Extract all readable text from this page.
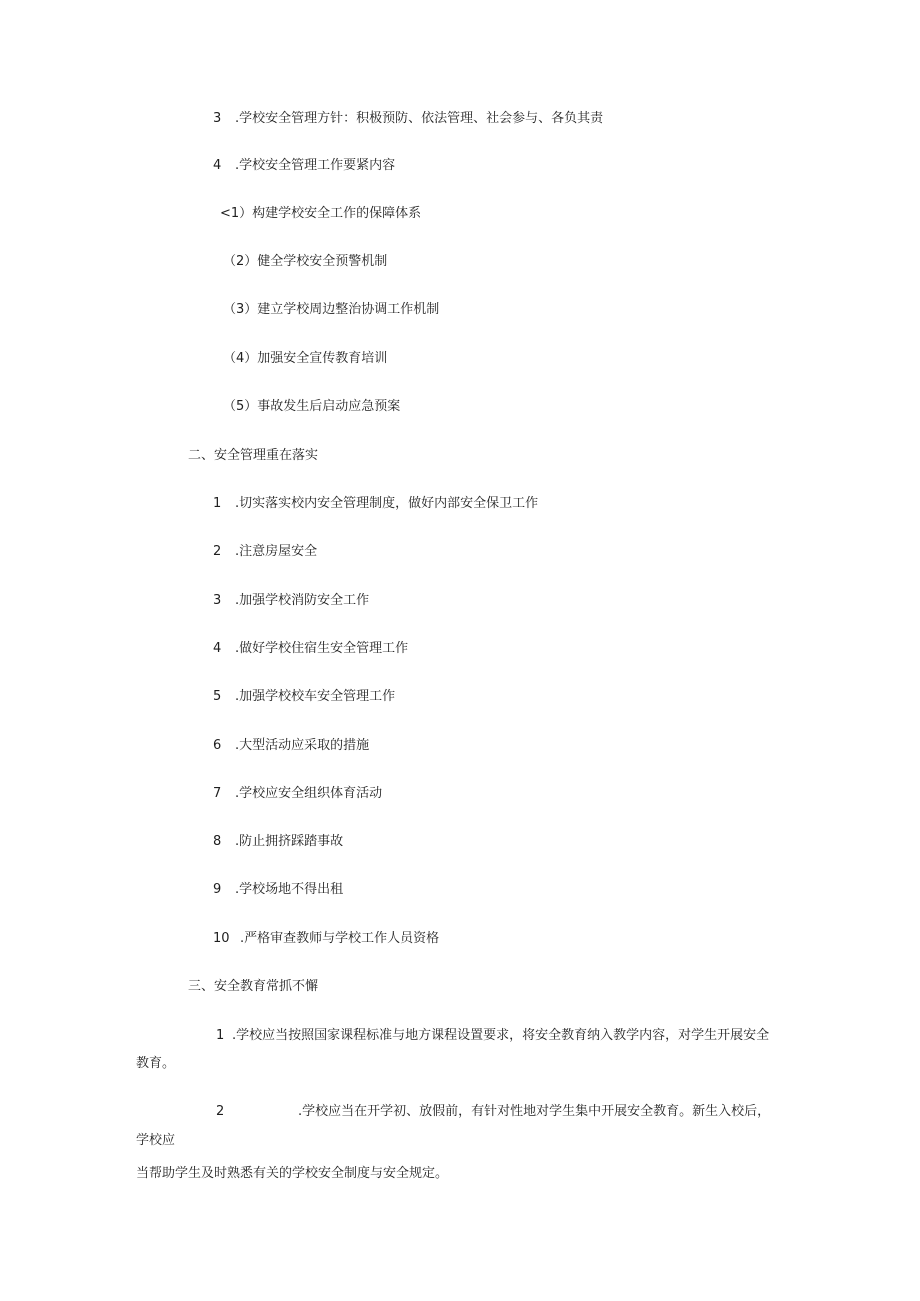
3 .学校安全管理方针：积极预防、依法管理、社会参与、各负其责
4 .学校安全管理工作要紧内容
<1）构建学校安全工作的保障体系
（2）健全学校安全预警机制
（3）建立学校周边整治协调工作机制
（4）加强安全宣传教育培训
（5）事故发生后启动应急预案
二、安全管理重在落实
1 .切实落实校内安全管理制度，做好内部安全保卫工作
2 .注意房屋安全
3 .加强学校消防安全工作
4 .做好学校住宿生安全管理工作
5 .加强学校校车安全管理工作
6 .大型活动应采取的措施
7 .学校应安全组织体育活动
8 .防止拥挤踩踏事故
9 .学校场地不得出租
10 .严格审查教师与学校工作人员资格
三、安全教育常抓不懈
1 .学校应当按照国家课程标准与地方课程设置要求，将安全教育纳入教学内容，对学生开展安全
教育。
2	.学校应当在开学初、放假前，有针对性地对学生集中开展安全教育。新生入校后，
学校应
当帮助学生及时熟悉有关的学校安全制度与安全规定。
